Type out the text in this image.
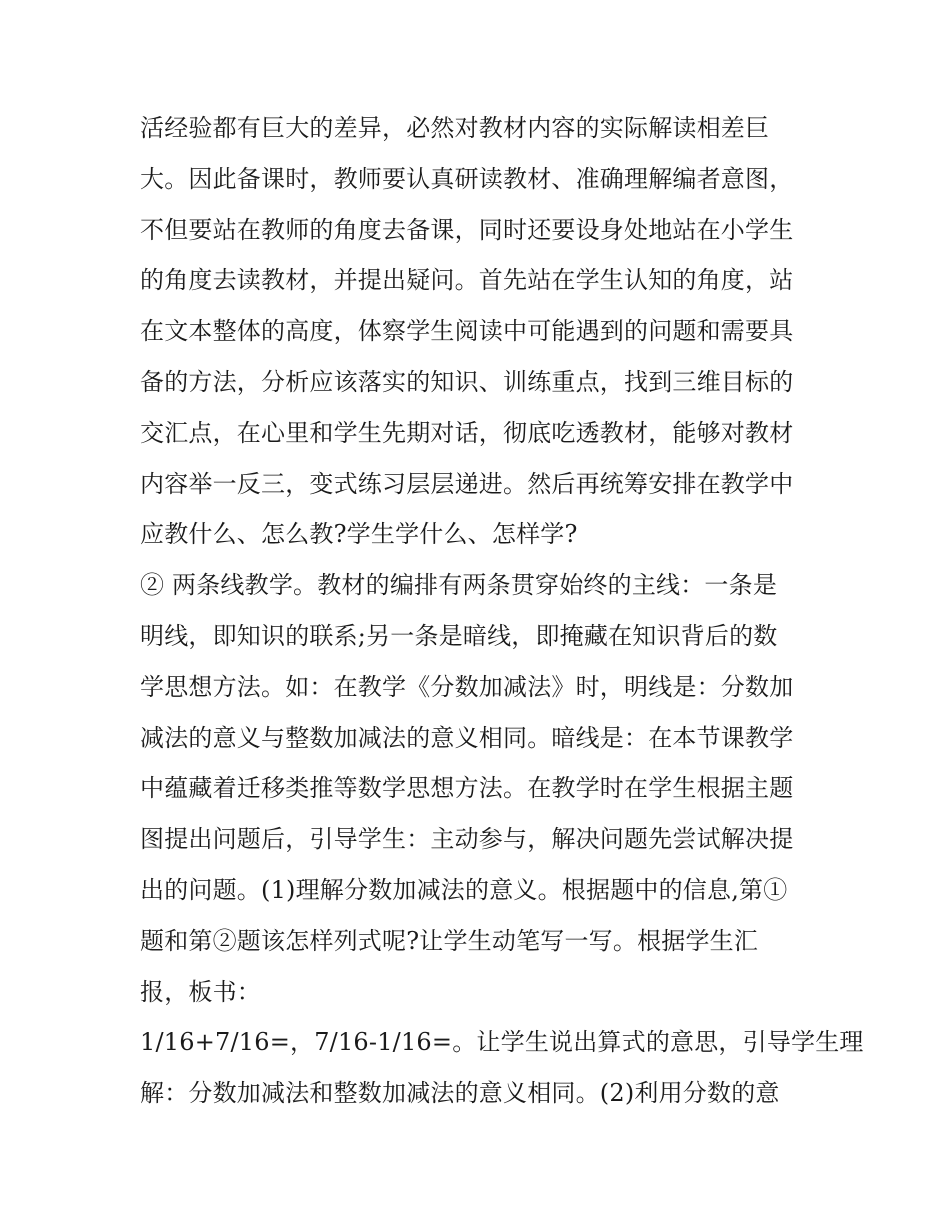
活经验都有巨大的差异，必然对教材内容的实际解读相差巨
大。因此备课时，教师要认真研读教材、准确理解编者意图，
不但要站在教师的角度去备课，同时还要设身处地站在小学生
的角度去读教材，并提出疑问。首先站在学生认知的角度，站
在文本整体的高度，体察学生阅读中可能遇到的问题和需要具
备的方法，分析应该落实的知识、训练重点，找到三维目标的
交汇点，在心里和学生先期对话，彻底吃透教材，能够对教材
内容举一反三，变式练习层层递进。然后再统筹安排在教学中
应教什么、怎么教?学生学什么、怎样学?
② 两条线教学。教材的编排有两条贯穿始终的主线：一条是
明线，即知识的联系;另一条是暗线，即掩藏在知识背后的数
学思想方法。如：在教学《分数加减法》时，明线是：分数加
减法的意义与整数加减法的意义相同。暗线是：在本节课教学
中蕴藏着迁移类推等数学思想方法。在教学时在学生根据主题
图提出问题后，引导学生：主动参与，解决问题先尝试解决提
出的问题。(1)理解分数加减法的意义。根据题中的信息,第①
题和第②题该怎样列式呢?让学生动笔写一写。根据学生汇
报，板书：
1/16+7/16=，7/16-1/16=。让学生说出算式的意思，引导学生理
解：分数加减法和整数加减法的意义相同。(2)利用分数的意
